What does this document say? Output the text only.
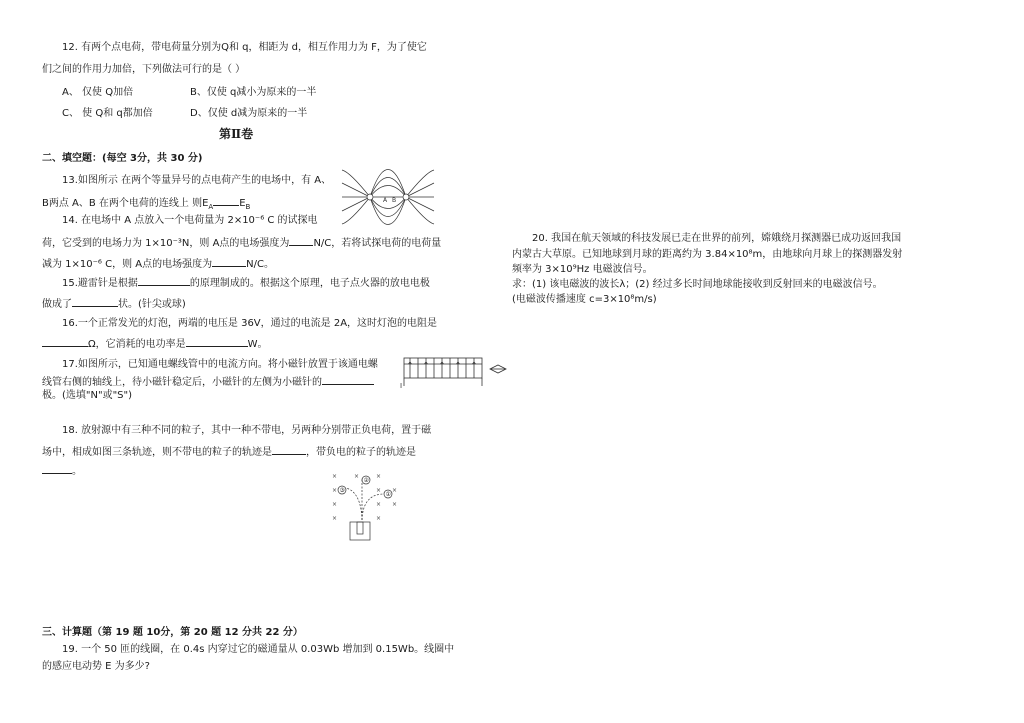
12. 有两个点电荷，带电荷量分别为Q和 q，相距为 d，相互作用力为 F，为了使它
们之间的作用力加倍，下列做法可行的是（ ）
A、 仅使 Q加倍	B、仅使 q减小为原来的一半
C、 使 Q和 q都加倍	D、仅使 d减为原来的一半
第Ⅱ卷
二、填空题：(每空 3分，共 30 分)
13.如图所示 在两个等量异号的点电荷产生的电场中，有 A、
B两点 A、B 在两个电荷的连线上 则$E_A$	$E_B$
A B
14. 在电场中 A 点放入一个电荷量为 2×10⁻⁶ C 的试探电
荷，它受到的电场力为 1×10⁻³N，则 A点的电场强度为 N/C，若将试探电荷的电荷量
减为 1×10⁻⁶ C，则 A点的电场强度为	N/C。
15.避雷针是根据	的原理制成的。根据这个原理，电子点火器的放电电极
做成了	状。(针尖或球)
16.一个正常发光的灯泡，两端的电压是 36V，通过的电流是 2A，这时灯泡的电阻是
Ω，它消耗的电功率是	W。
17.如图所示，已知通电螺线管中的电流方向。将小磁针放置于该通电螺
线管右侧的轴线上，待小磁针稳定后，小磁针的左侧为小磁针的
极。(选填"N"或"S")
I
18. 放射源中有三种不同的粒子，其中一种不带电，另两种分别带正负电荷，置于磁
场中，相成如图三条轨迹，则不带电的粒子的轨迹是	，带负电的粒子的轨迹是
。	×	×	×
×	× ×
×	× ×
×	×
③
②
①
三、计算题（第 19 题 10分，第 20 题 12 分共 22 分）
19. 一个 50 匝的线圈，在 0.4s 内穿过它的磁通量从 0.03Wb 增加到 0.15Wb。线圈中
的感应电动势 E 为多少?
20. 我国在航天领域的科技发展已走在世界的前列，嫦娥绕月探测器已成功返回我国
内蒙古大草原。已知地球到月球的距离约为 3.84×10⁸m，由地球向月球上的探测器发射
频率为 3×10⁹Hz 电磁波信号。
求：(1) 该电磁波的波长λ；(2) 经过多长时间地球能接收到反射回来的电磁波信号。
(电磁波传播速度 c=3×10⁸m/s)
